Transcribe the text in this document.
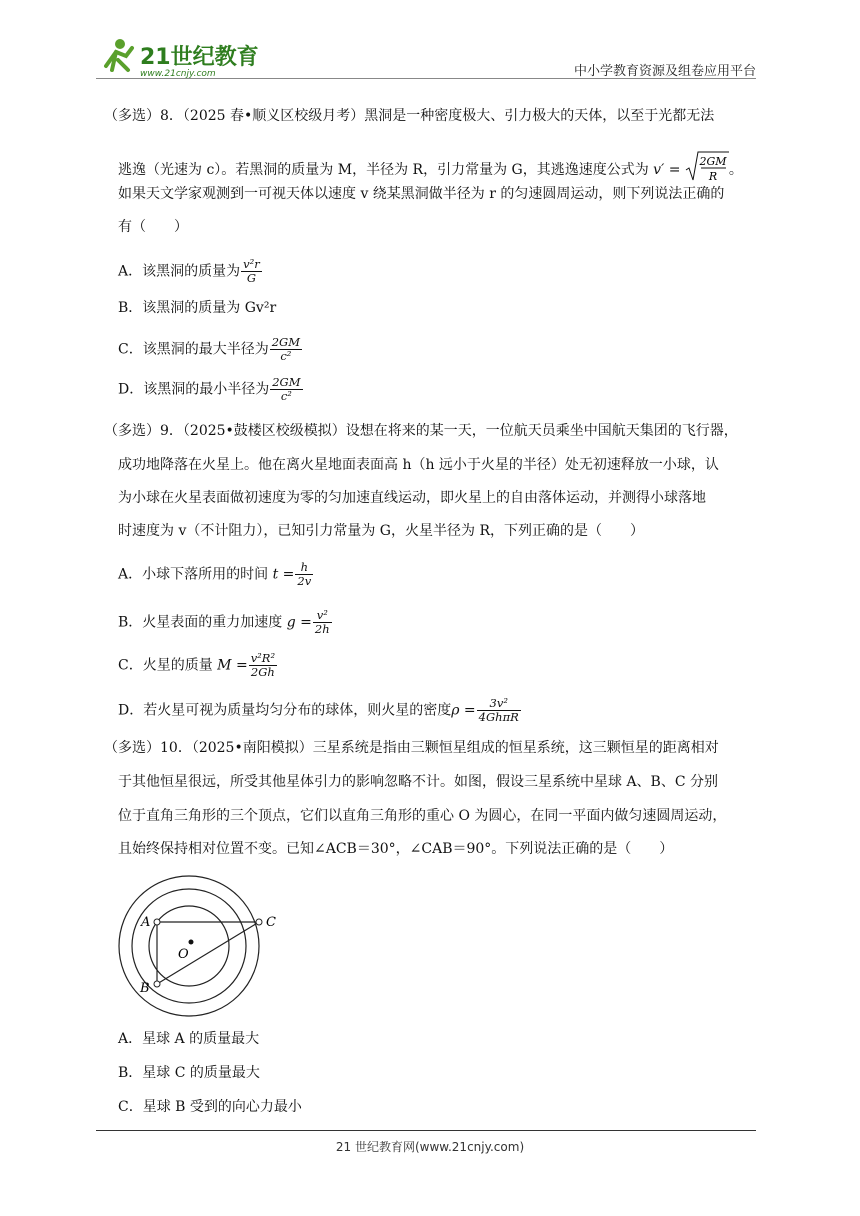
21世纪教育
www.21cnjy.com	中小学教育资源及组卷应用平台
（多选）8．（2025 春•顺义区校级月考）黑洞是一种密度极大、引力极大的天体，以至于光都无法
逃逸（光速为 c）。若黑洞的质量为 M，半径为 R，引力常量为 G，其逃逸速度公式为 v′ =
2GM
R 。
如果天文学家观测到一可视天体以速度 v 绕某黑洞做半径为 r 的匀速圆周运动，则下列说法正确的
有（　　）
A．该黑洞的质量为 $\frac{\text{v²r}}{G}$
B．该黑洞的质量为 Gv²r
C．该黑洞的最大半径为 $\frac{2GM}{\text{c²}}$
D．该黑洞的最小半径为 $\frac{2GM}{\text{c²}}$
（多选）9．（2025•鼓楼区校级模拟）设想在将来的某一天，一位航天员乘坐中国航天集团的飞行器，
成功地降落在火星上。他在离火星地面表面高 h（h 远小于火星的半径）处无初速释放一小球，认
为小球在火星表面做初速度为零的匀加速直线运动，即火星上的自由落体运动，并测得小球落地
时速度为 v（不计阻力），已知引力常量为 G，火星半径为 R，下列正确的是（　　）
A．小球下落所用的时间 $t = \frac{h}{2v}$
B．火星表面的重力加速度 $g = \frac{\text{v²}}{2h}$
C．火星的质量 $M = \frac{\text{v²R²}}{2Gh}$
D．若火星可视为质量均匀分布的球体，则火星的密度$\rho = \frac{\text{3v²}}{\text{4GhπR}}$
（多选）10．（2025•南阳模拟）三星系统是指由三颗恒星组成的恒星系统，这三颗恒星的距离相对
于其他恒星很远，所受其他星体引力的影响忽略不计。如图，假设三星系统中星球 A、B、C 分别
位于直角三角形的三个顶点，它们以直角三角形的重心 O 为圆心，在同一平面内做匀速圆周运动，
且始终保持相对位置不变。已知∠ACB＝30°，∠CAB＝90°。下列说法正确的是（　　）
A
B
C
O
A．星球 A 的质量最大
B．星球 C 的质量最大
C．星球 B 受到的向心力最小
21 世纪教育网(www.21cnjy.com)
